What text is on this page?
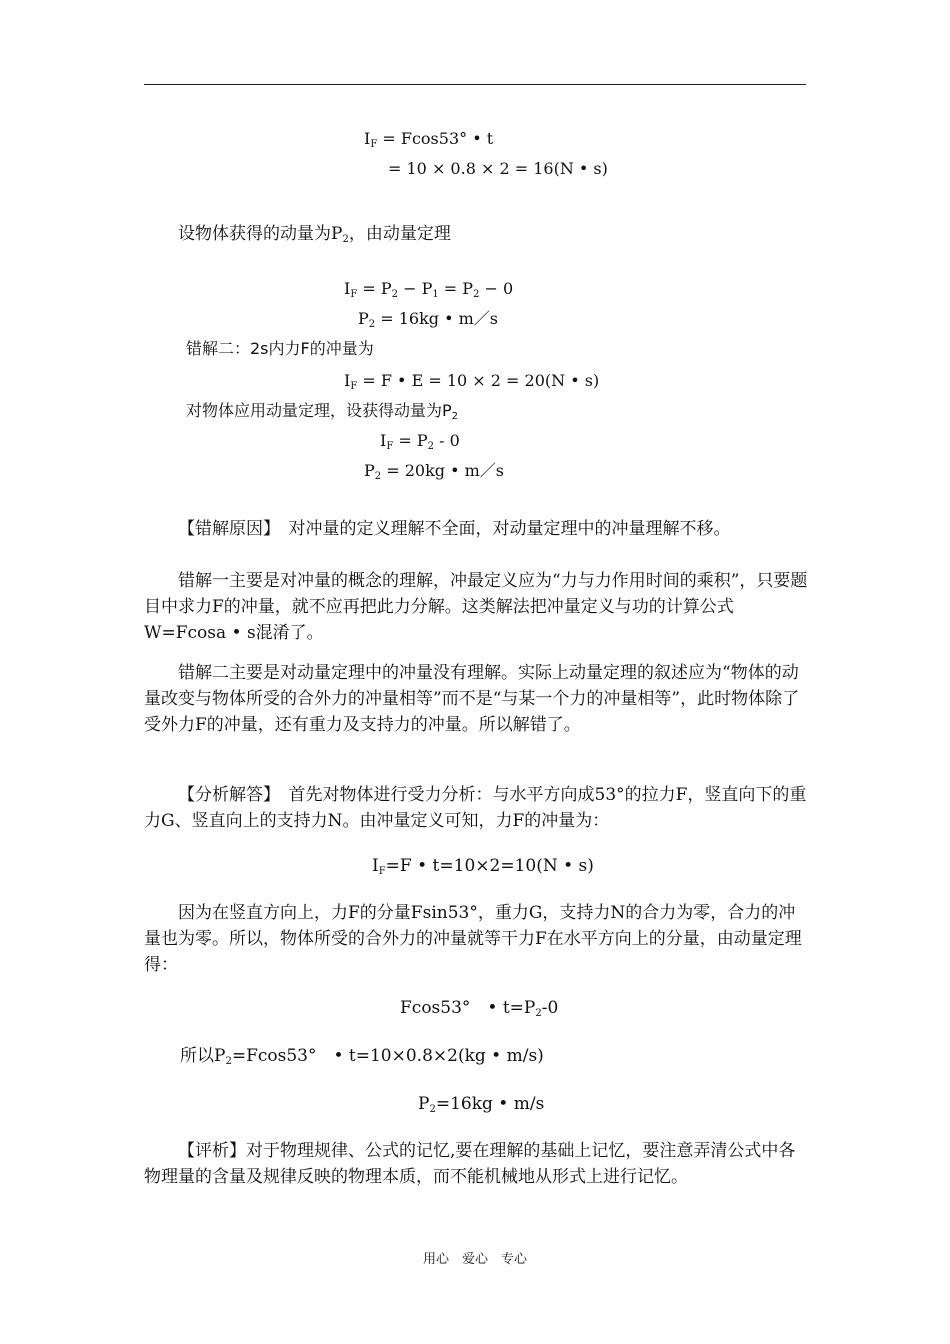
$I_F = Fcos53^\circ$ • t
= 10 × 0.8 × 2 = 16(N • s)
设物体获得的动量为$P_2$，由动量定理
$I_F = P_2 - P_1 = P_2 - 0$
$P_2 = 16kg$ • m／s
错解二：2s内力F的冲量为
$I_F = F$ • E = 10 × 2 = 20(N • s)
对物体应用动量定理，设获得动量为$P_2$
$I_F = P_2 - 0$
$P_2 = 20kg$ • m／s
【错解原因】　对冲量的定义理解不全面，对动量定理中的冲量理解不移。
错解一主要是对冲量的概念的理解，冲最定义应为“力与力作用时间的乘积”，只要题目中求力F的冲量，就不应再把此力分解。这类解法把冲量定义与功的计算公式W=Fcosa • s混淆了。
错解二主要是对动量定理中的冲量没有理解。实际上动量定理的叙述应为“物体的动量改变与物体所受的合外力的冲量相等”而不是“与某一个力的冲量相等”，此时物体除了受外力F的冲量，还有重力及支持力的冲量。所以解错了。
【分析解答】　首先对物体进行受力分析：与水平方向成53°的拉力F，竖直向下的重力G、竖直向上的支持力N。由冲量定义可知，力F的冲量为：
$I_F=F$ • t=10×2=10(N • s)
因为在竖直方向上，力F的分量Fsin53°，重力G，支持力N的合力为零，合力的冲量也为零。所以，物体所受的合外力的冲量就等干力F在水平方向上的分量，由动量定理得：
Fcos53°　• $t=P_2-0$
所以$P_2=Fcos53^\circ$　• t=10×0.8×2(kg • m/s)
$P_2=16kg$ • m/s
【评析】对于物理规律、公式的记忆,要在理解的基础上记忆，要注意弄清公式中各物理量的含量及规律反映的物理本质，而不能机械地从形式上进行记忆。
用心　爱心　专心
